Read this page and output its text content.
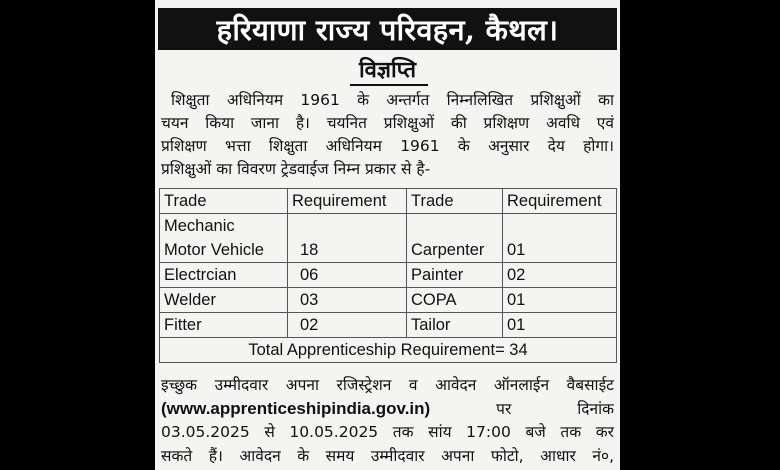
हरियाणा राज्य परिवहन, कैथल।
विज्ञप्ति
शिक्षुता अधिनियम 1961 के अन्तर्गत निम्नलिखित प्रशिक्षुओं का
चयन किया जाना है। चयनित प्रशिक्षुओं की प्रशिक्षण अवधि एवं
प्रशिक्षण भत्ता शिक्षुता अधिनियम 1961 के अनुसार देय होगा।
प्रशिक्षुओं का विवरण ट्रेडवाईज निम्न प्रकार से है-
Trade	Requirement	Trade	Requirement

Mechanic
Motor Vehicle	18	Carpenter	01

Electrcian	06	Painter	02
Welder	03	COPA	01
Fitter	02	Tailor	01
Total Apprenticeship Requirement= 34			
इच्छुक उम्मीदवार अपना रजिस्ट्रेशन व आवेदन ऑनलाईन वैबसाईट
(www.apprenticeshipindia.gov.in)	पर दिनांक
03.05.2025 से 10.05.2025 तक सांय 17:00 बजे तक कर
सकते हैं। आवेदन के समय उम्मीदवार अपना फोटो, आधार नं०,
